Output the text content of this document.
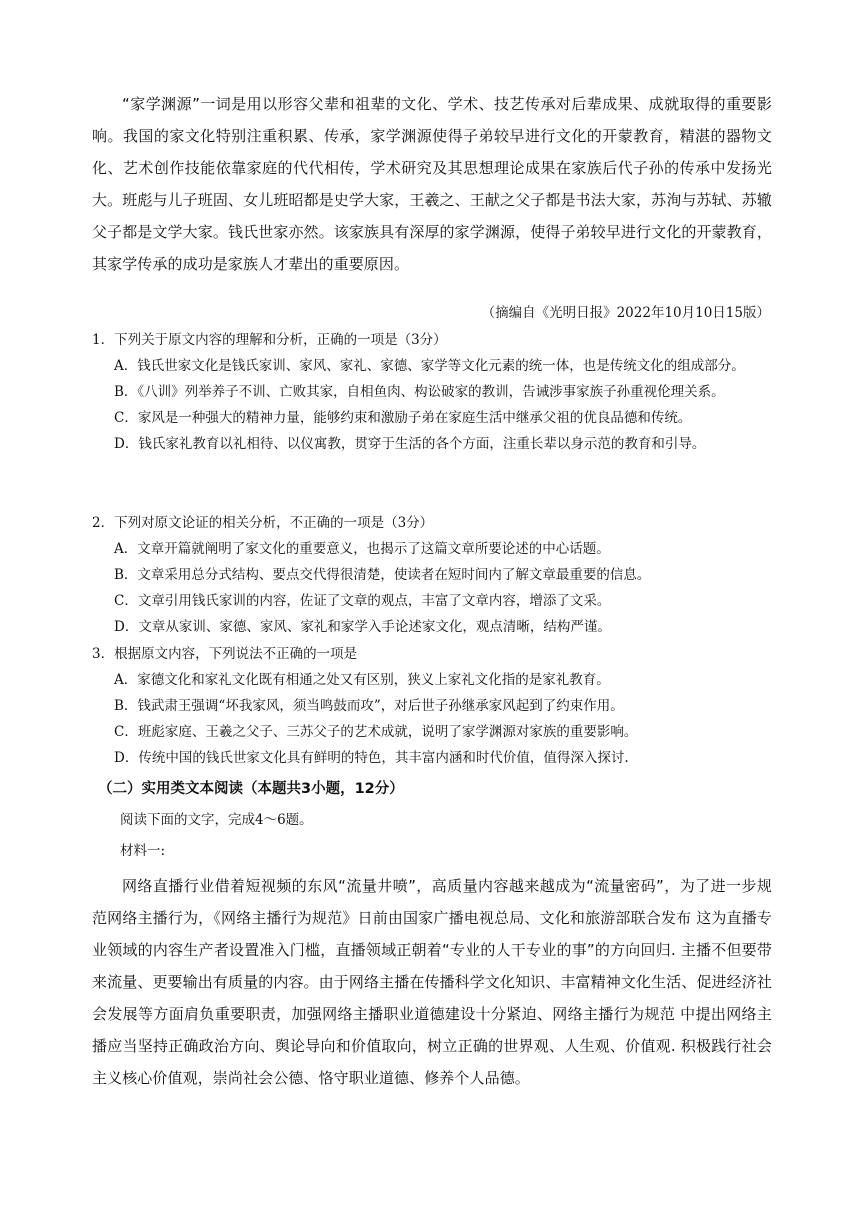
“家学渊源”一词是用以形容父辈和祖辈的文化、学术、技艺传承对后辈成果、成就取得的重要影响。我国的家文化特别注重积累、传承，家学渊源使得子弟较早进行文化的开蒙教育，精湛的器物文化、艺术创作技能依靠家庭的代代相传，学术研究及其思想理论成果在家族后代子孙的传承中发扬光大。班彪与儿子班固、女儿班昭都是史学大家，王羲之、王献之父子都是书法大家，苏洵与苏轼、苏辙父子都是文学大家。钱氏世家亦然。该家族具有深厚的家学渊源，使得子弟较早进行文化的开蒙教育，其家学传承的成功是家族人才辈出的重要原因。

（摘编自《光明日报》2022年10月10日15版）

1．下列关于原文内容的理解和分析，正确的一项是（3分）

A．钱氏世家文化是钱氏家训、家风、家礼、家德、家学等文化元素的统一体，也是传统文化的组成部分。

B．《八训》列举养子不训、亡败其家，自相鱼肉、构讼破家的教训，告诫涉事家族子孙重视伦理关系。

C．家风是一种强大的精神力量，能够约束和激励子弟在家庭生活中继承父祖的优良品德和传统。

D．钱氏家礼教育以礼相待、以仪寓教，贯穿于生活的各个方面，注重长辈以身示范的教育和引导。

2．下列对原文论证的相关分析，不正确的一项是（3分）

A．文章开篇就阐明了家文化的重要意义，也揭示了这篇文章所要论述的中心话题。

B．文章采用总分式结构、要点交代得很清楚，使读者在短时间内了解文章最重要的信息。

C．文章引用钱氏家训的内容，佐证了文章的观点，丰富了文章内容，增添了文采。

D．文章从家训、家德、家风、家礼和家学入手论述家文化，观点清晰，结构严谨。

3．根据原文内容，下列说法不正确的一项是

A．家德文化和家礼文化既有相通之处又有区别，狭义上家礼文化指的是家礼教育。

B．钱武肃王强调“坏我家风，须当鸣鼓而攻”，对后世子孙继承家风起到了约束作用。

C．班彪家庭、王羲之父子、三苏父子的艺术成就，说明了家学渊源对家族的重要影响。

D．传统中国的钱氏世家文化具有鲜明的特色，其丰富内涵和时代价值，值得深入探讨.

（二）实用类文本阅读（本题共3小题，12分）
阅读下面的文字，完成4～6题。
材料一:

网络直播行业借着短视频的东风“流量井喷”，高质量内容越来越成为“流量密码”，为了进一步规范网络主播行为，《网络主播行为规范》日前由国家广播电视总局、文化和旅游部联合发布 这为直播专业领域的内容生产者设置准入门槛，直播领域正朝着“专业的人干专业的事”的方向回归. 主播不但要带来流量、更要输出有质量的内容。由于网络主播在传播科学文化知识、丰富精神文化生活、促进经济社会发展等方面肩负重要职责，加强网络主播职业道德建设十分紧迫、网络主播行为规范 中提出网络主播应当坚持正确政治方向、舆论导向和价值取向，树立正确的世界观、人生观、价值观. 积极践行社会主义核心价值观，崇尚社会公德、恪守职业道德、修养个人品德。
